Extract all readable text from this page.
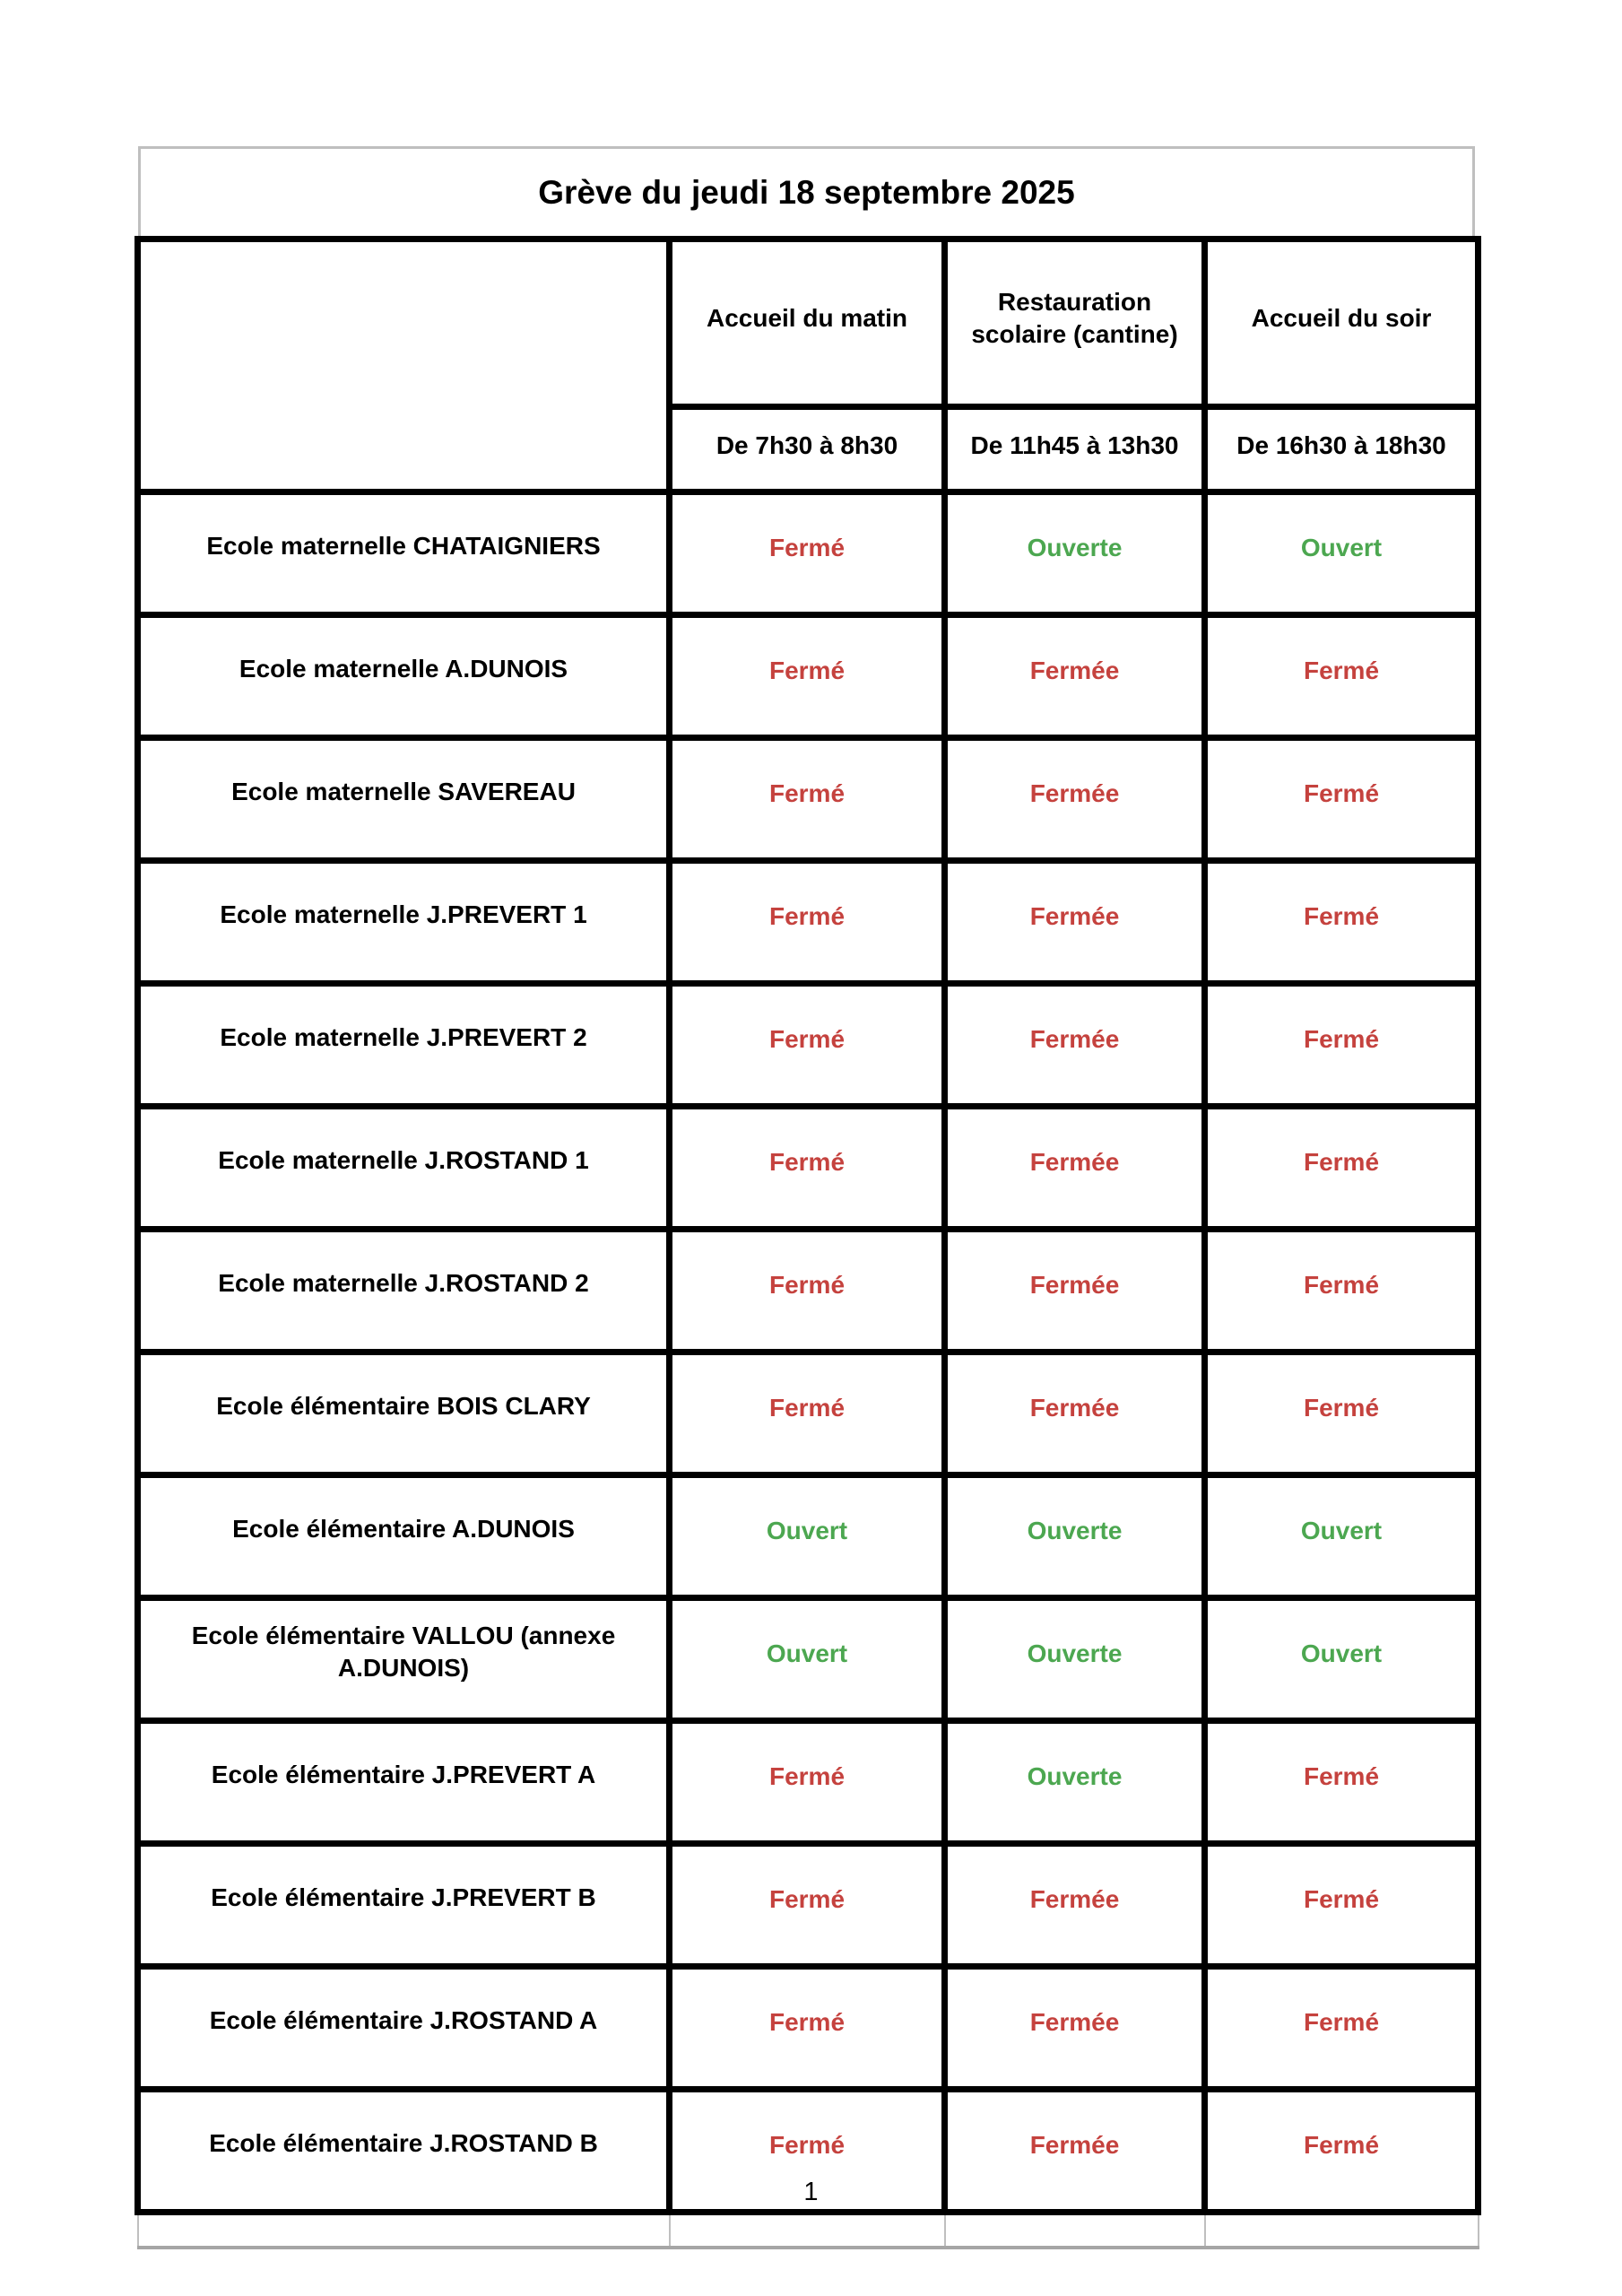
Grève du jeudi 18 septembre 2025
	Accueil du matin	Restauration scolaire (cantine)	Accueil du soir
	De 7h30 à 8h30	De 11h45 à 13h30	De 16h30 à 18h30
Ecole maternelle CHATAIGNIERS	Fermé	Ouverte	Ouvert
Ecole maternelle A.DUNOIS	Fermé	Fermée	Fermé
Ecole maternelle SAVEREAU	Fermé	Fermée	Fermé
Ecole maternelle J.PREVERT 1	Fermé	Fermée	Fermé
Ecole maternelle J.PREVERT 2	Fermé	Fermée	Fermé
Ecole maternelle J.ROSTAND 1	Fermé	Fermée	Fermé
Ecole maternelle J.ROSTAND 2	Fermé	Fermée	Fermé
Ecole élémentaire BOIS CLARY	Fermé	Fermée	Fermé
Ecole élémentaire A.DUNOIS	Ouvert	Ouverte	Ouvert
Ecole élémentaire VALLOU (annexe A.DUNOIS)	Ouvert	Ouverte	Ouvert
Ecole élémentaire J.PREVERT A	Fermé	Ouverte	Fermé
Ecole élémentaire J.PREVERT B	Fermé	Fermée	Fermé
Ecole élémentaire J.ROSTAND A	Fermé	Fermée	Fermé
Ecole élémentaire J.ROSTAND B	Fermé	Fermée	Fermé

1
